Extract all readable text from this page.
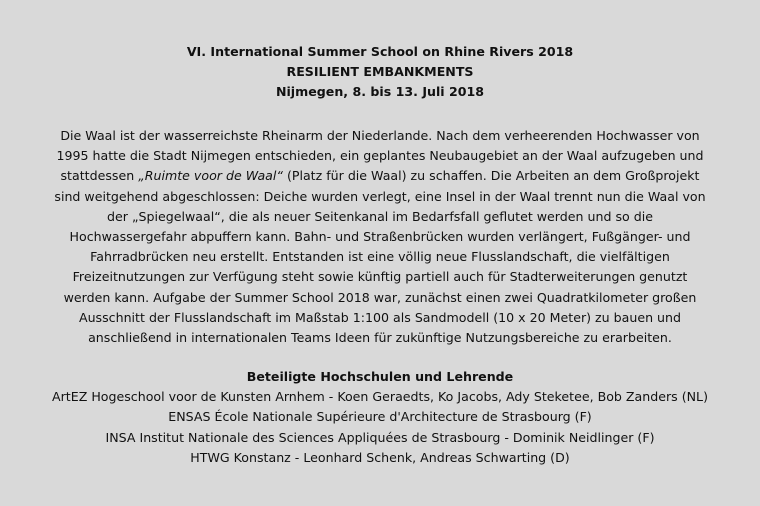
VI. International Summer School on Rhine Rivers 2018
RESILIENT EMBANKMENTS
Nijmegen, 8. bis 13. Juli 2018
Die Waal ist der wasserreichste Rheinarm der Niederlande. Nach dem verheerenden Hochwasser von
1995 hatte die Stadt Nijmegen entschieden, ein geplantes Neubaugebiet an der Waal aufzugeben und
stattdessen „Ruimte voor de Waal“ (Platz für die Waal) zu schaffen. Die Arbeiten an dem Großprojekt
sind weitgehend abgeschlossen: Deiche wurden verlegt, eine Insel in der Waal trennt nun die Waal von
der „Spiegelwaal“, die als neuer Seitenkanal im Bedarfsfall geflutet werden und so die
Hochwassergefahr abpuffern kann. Bahn- und Straßenbrücken wurden verlängert, Fußgänger- und
Fahrradbrücken neu erstellt. Entstanden ist eine völlig neue Flusslandschaft, die vielfältigen
Freizeitnutzungen zur Verfügung steht sowie künftig partiell auch für Stadterweiterungen genutzt
werden kann. Aufgabe der Summer School 2018 war, zunächst einen zwei Quadratkilometer großen
Ausschnitt der Flusslandschaft im Maßstab 1:100 als Sandmodell (10 x 20 Meter) zu bauen und
anschließend in internationalen Teams Ideen für zukünftige Nutzungsbereiche zu erarbeiten.
Beteiligte Hochschulen und Lehrende
ArtEZ Hogeschool voor de Kunsten Arnhem - Koen Geraedts, Ko Jacobs, Ady Steketee, Bob Zanders (NL)
ENSAS École Nationale Supérieure d'Architecture de Strasbourg (F)
INSA Institut Nationale des Sciences Appliquées de Strasbourg - Dominik Neidlinger (F)
HTWG Konstanz - Leonhard Schenk, Andreas Schwarting (D)
